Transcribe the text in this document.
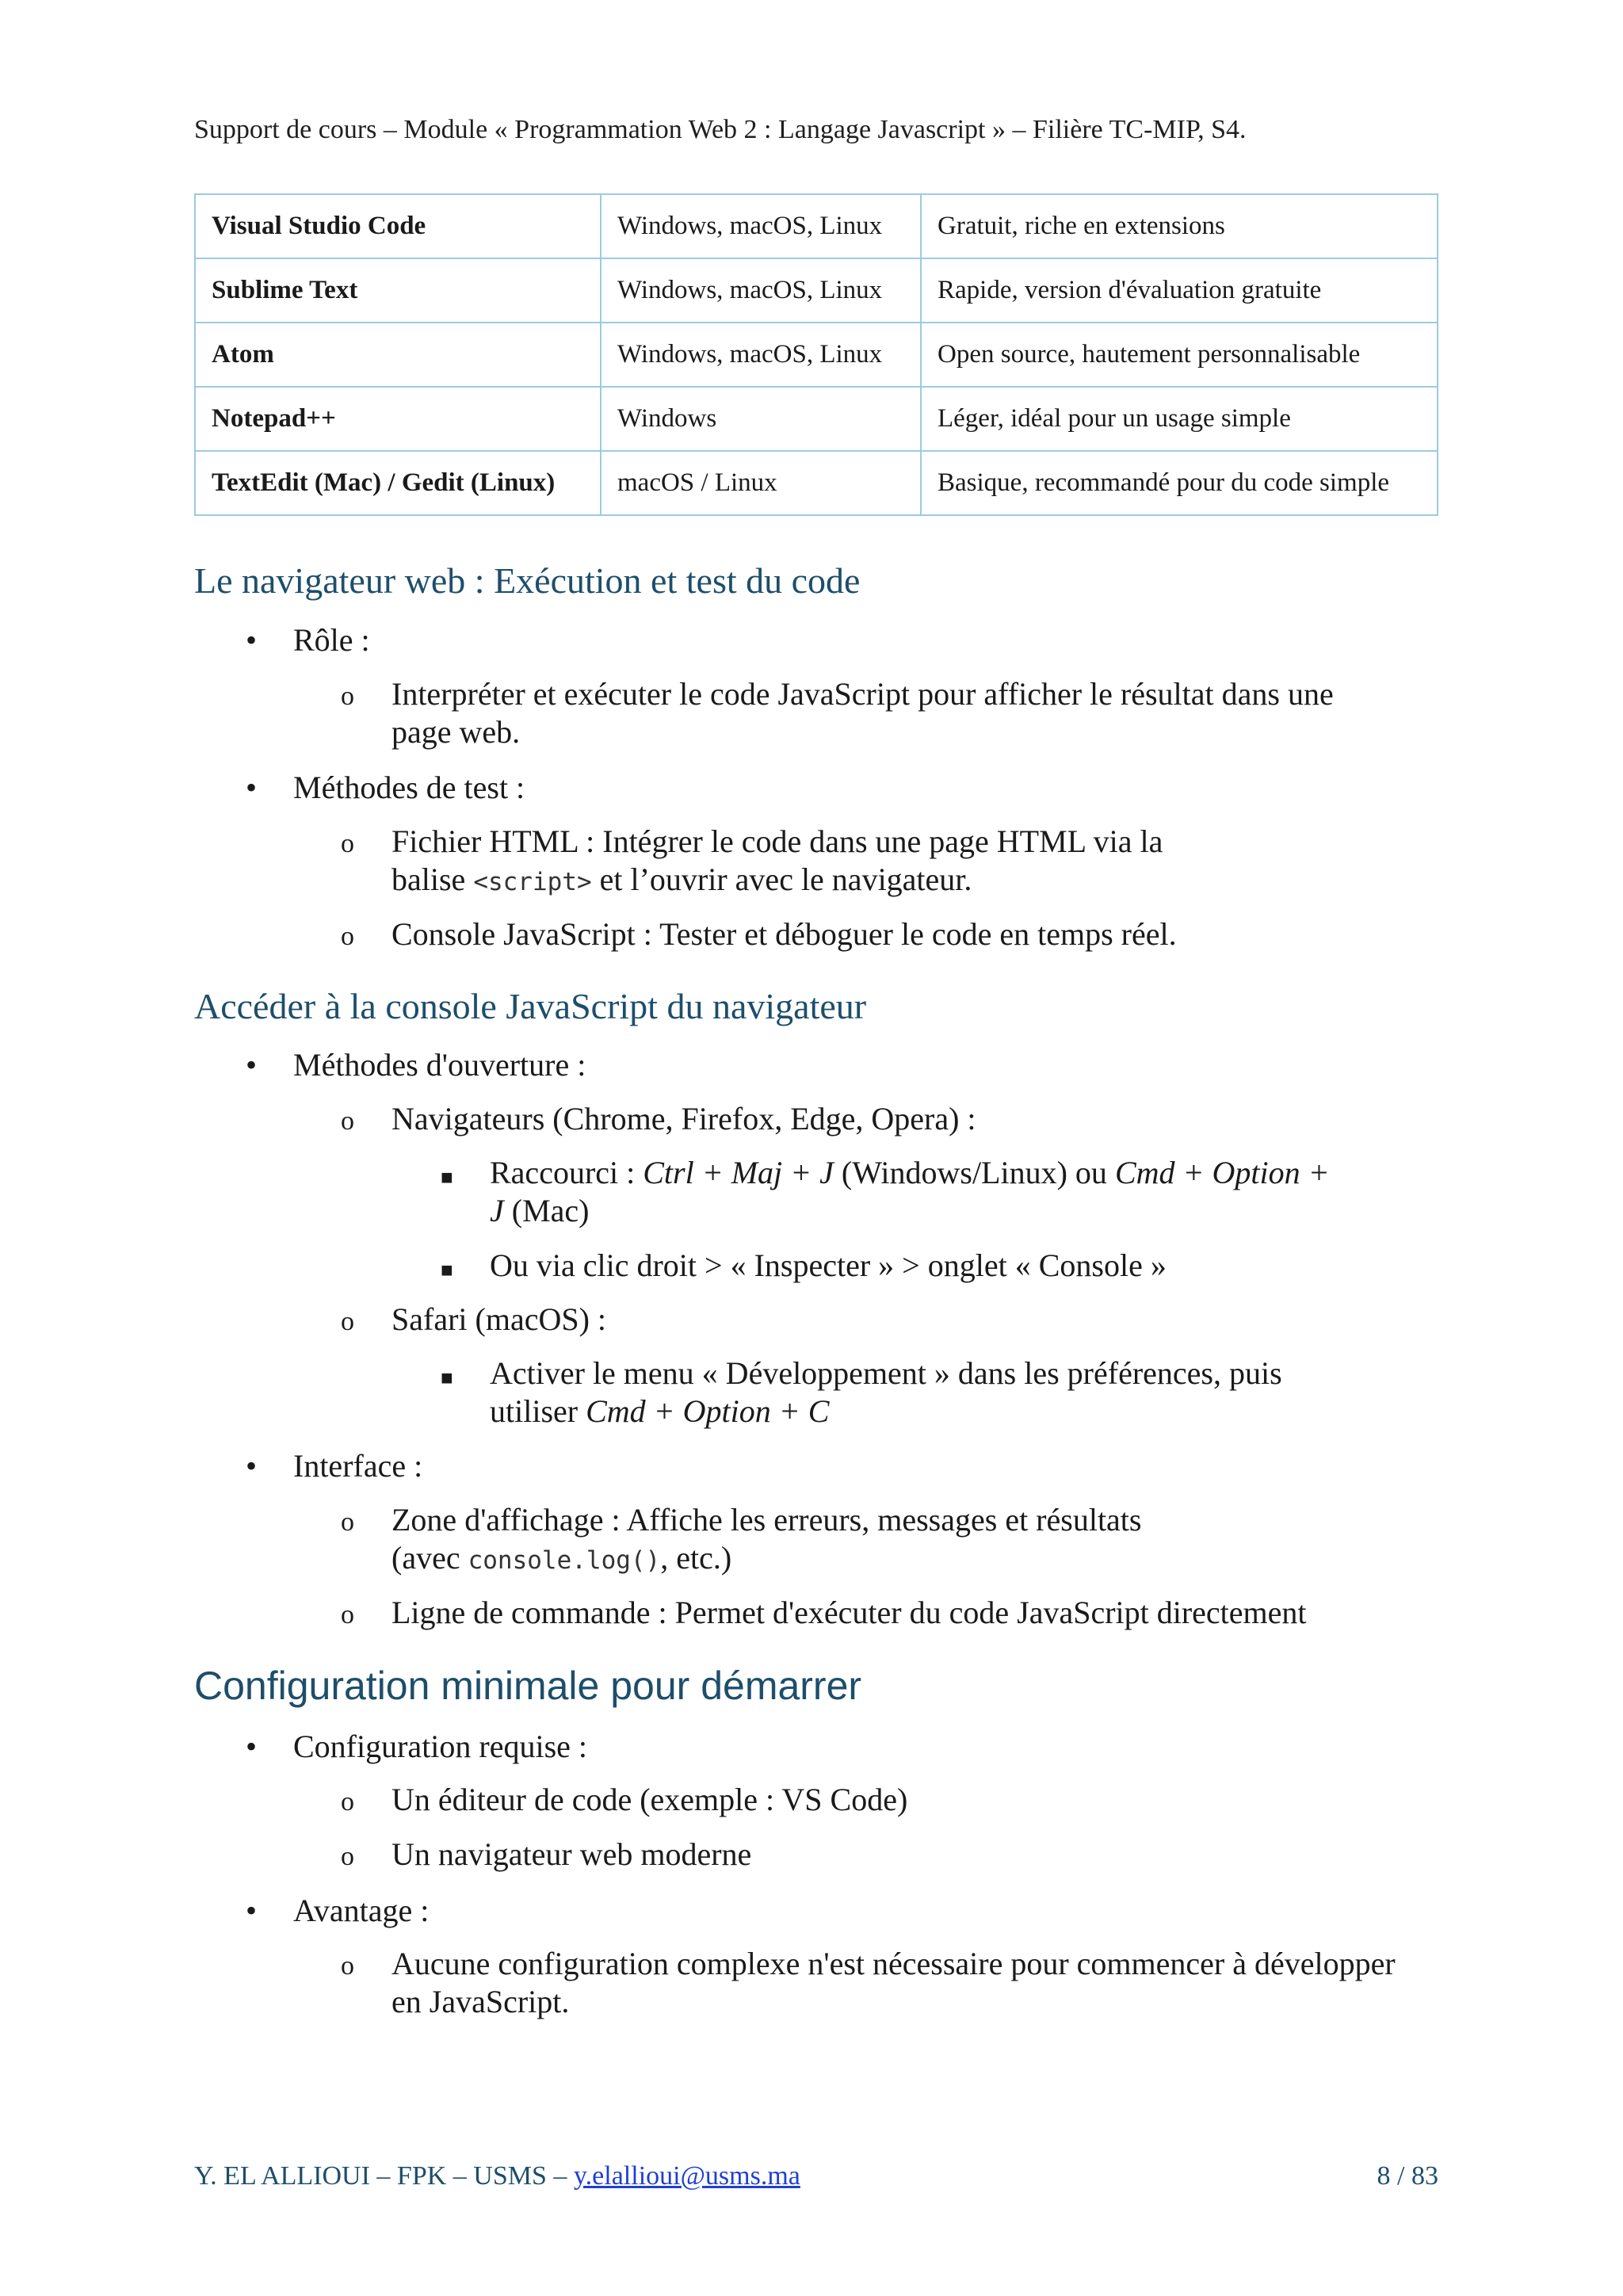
Support de cours – Module « Programmation Web 2 : Langage Javascript » – Filière TC-MIP, S4.
Visual Studio Code	Windows, macOS, Linux	Gratuit, riche en extensions
Sublime Text	Windows, macOS, Linux	Rapide, version d'évaluation gratuite
Atom	Windows, macOS, Linux	Open source, hautement personnalisable
Notepad++	Windows	Léger, idéal pour un usage simple
TextEdit (Mac) / Gedit (Linux)	macOS / Linux	Basique, recommandé pour du code simple
Le navigateur web : Exécution et test du code
• Rôle :
o Interpréter et exécuter le code JavaScript pour afficher le résultat dans une
page web.
• Méthodes de test :
o Fichier HTML : Intégrer le code dans une page HTML via la
balise <script> et l’ouvrir avec le navigateur.
o Console JavaScript : Tester et déboguer le code en temps réel.
Accéder à la console JavaScript du navigateur
• Méthodes d'ouverture :
o Navigateurs (Chrome, Firefox, Edge, Opera) :
■ Raccourci : Ctrl + Maj + J (Windows/Linux) ou Cmd + Option +
J (Mac)
■ Ou via clic droit > « Inspecter » > onglet « Console »
o Safari (macOS) :
■ Activer le menu « Développement » dans les préférences, puis
utiliser Cmd + Option + C
• Interface :
o Zone d'affichage : Affiche les erreurs, messages et résultats
(avec console.log(), etc.)
o Ligne de commande : Permet d'exécuter du code JavaScript directement
Configuration minimale pour démarrer
• Configuration requise :
o Un éditeur de code (exemple : VS Code)
o Un navigateur web moderne
• Avantage :
o Aucune configuration complexe n'est nécessaire pour commencer à développer
en JavaScript.
Y. EL ALLIOUI – FPK – USMS – y.elallioui@usms.ma	8 / 83
